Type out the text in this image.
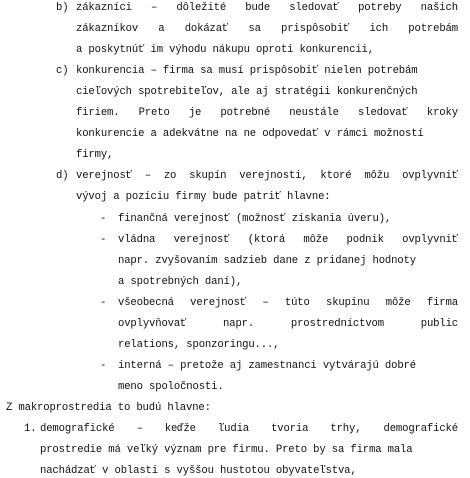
b) zákazníci – dôležité bude sledovať potreby našich
zákazníkov a dokázať sa prispôsobiť ich potrebám
a poskytnúť im výhodu nákupu oproti konkurencii,
c) konkurencia – firma sa musí prispôsobiť nielen potrebám
cieľových spotrebiteľov, ale aj stratégii konkurenčných
firiem. Preto je potrebné neustále sledovať kroky
konkurencie a adekvátne na ne odpovedať v rámci možností
firmy,
d) verejnosť – zo skupín verejnosti, ktoré môžu ovplyvniť
vývoj a pozíciu firmy bude patriť hlavne:
- finančná verejnosť (možnosť získania úveru),
- vládna verejnosť (ktorá môže podnik ovplyvniť
napr. zvyšovaním sadzieb dane z pridanej hodnoty
a spotrebných daní),
- všeobecná verejnosť – túto skupinu môže firma
ovplyvňovať	napr.	prostredníctvom	public
relations, sponzoringu...,
- interná – pretože aj zamestnanci vytvárajú dobré
meno spoločnosti.
Z makroprostredia to budú hlavne:
1. demografické – keďže ľudia tvoria trhy, demografické
prostredie má veľký význam pre firmu. Preto by sa firma mala
nachádzať v oblasti s vyššou hustotou obyvateľstva,
